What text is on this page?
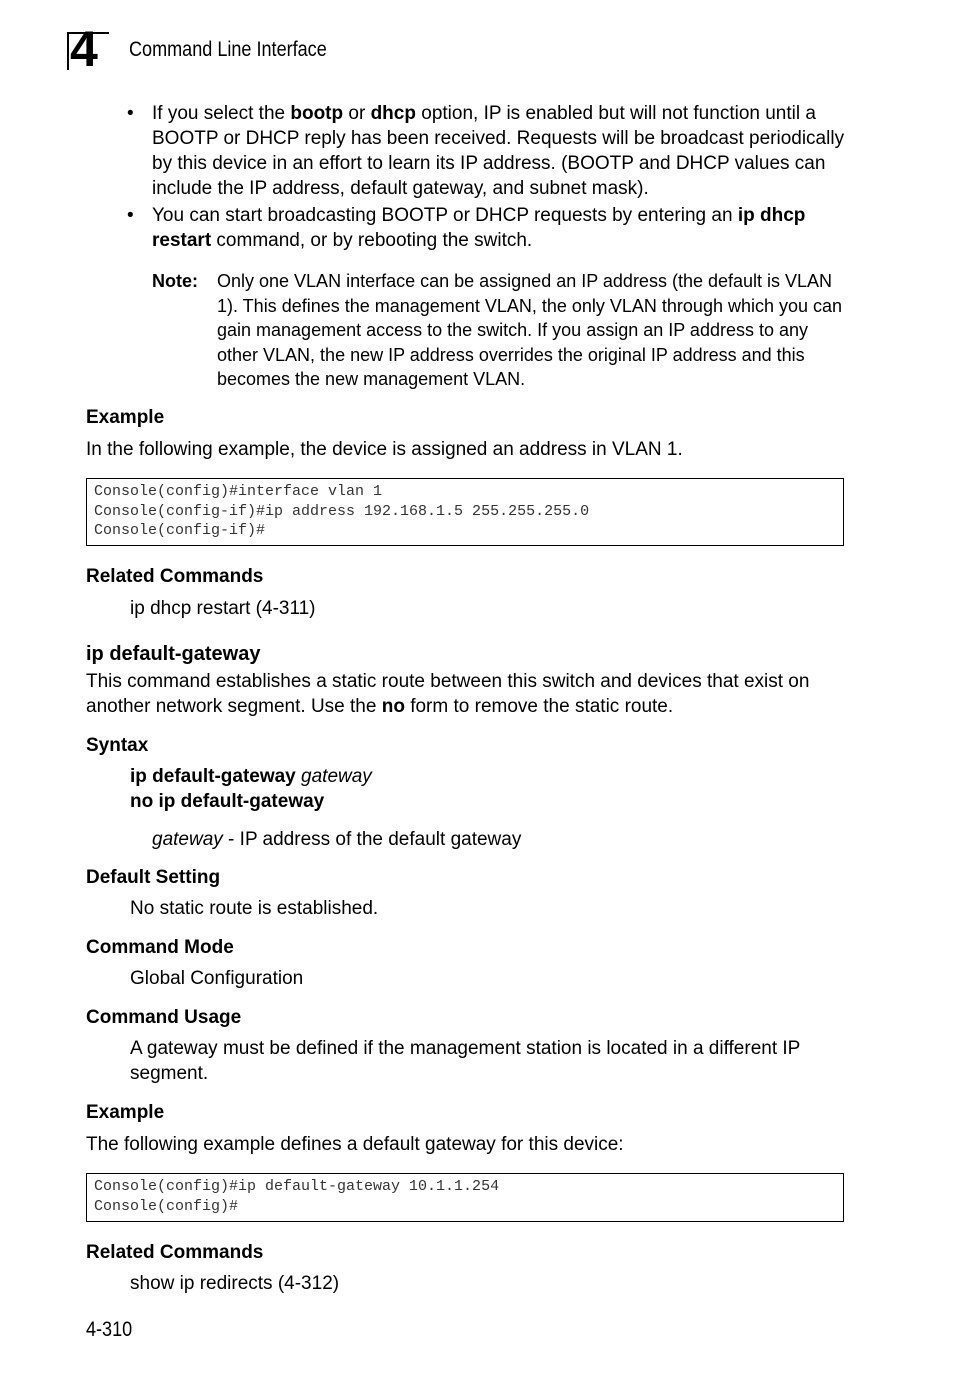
4 Command Line Interface
• If you select the bootp or dhcp option, IP is enabled but will not function until a BOOTP or DHCP reply has been received. Requests will be broadcast periodically by this device in an effort to learn its IP address. (BOOTP and DHCP values can include the IP address, default gateway, and subnet mask).
• You can start broadcasting BOOTP or DHCP requests by entering an ip dhcp restart command, or by rebooting the switch.
Note:	Only one VLAN interface can be assigned an IP address (the default is VLAN 1). This defines the management VLAN, the only VLAN through which you can gain management access to the switch. If you assign an IP address to any other VLAN, the new IP address overrides the original IP address and this becomes the new management VLAN.
Example
In the following example, the device is assigned an address in VLAN 1.
Console(config)#interface vlan 1
Console(config-if)#ip address 192.168.1.5 255.255.255.0
Console(config-if)#
Related Commands
ip dhcp restart (4-311)
ip default-gateway
This command establishes a static route between this switch and devices that exist on another network segment. Use the no form to remove the static route.
Syntax
ip default-gateway gateway
no ip default-gateway
gateway - IP address of the default gateway
Default Setting
No static route is established.
Command Mode
Global Configuration
Command Usage
A gateway must be defined if the management station is located in a different IP segment.
Example
The following example defines a default gateway for this device:
Console(config)#ip default-gateway 10.1.1.254
Console(config)#
Related Commands
show ip redirects (4-312)
4-310
